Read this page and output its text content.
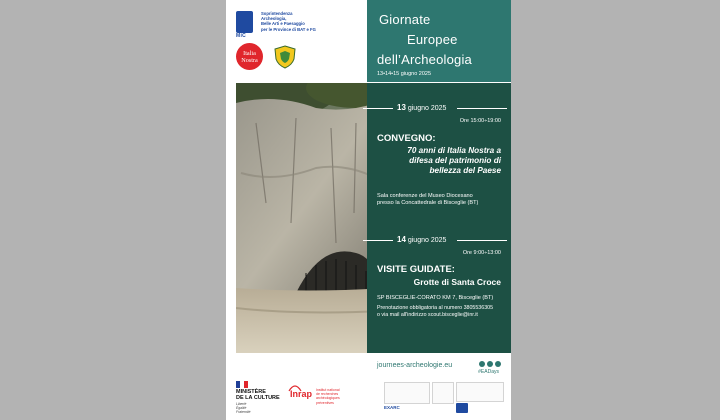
MiC
Soprintendenza
Archeologia,
Belle Arti e Paesaggio
per le Province di BAT e FG
Italia
Nostra
Giornate
Europee
dell’Archeologia
13•14•15 giugno 2025
13 giugno 2025
Ore 15:00÷19:00
CONVEGNO:
70 anni di Italia Nostra a
difesa del patrimonio di
bellezza del Paese
Sala conferenze del Museo Diocesano
presso la Concattedrale di Bisceglie (BT)
14 giugno 2025
Ore 9:00÷13:00
VISITE GUIDATE:
Grotte di Santa Croce
SP BISCEGLIE-CORATO KM 7, Bisceglie (BT)
Prenotazione obbligatoria al numero 3805536305
o via mail all'indirizzo scout.bisceglie@inr.it
journees-archeologie.eu
#EADays
MINISTÈRE
DE LA CULTURE
Liberté
Égalité
Fraternité
Inrap Institut national
de recherches
archéologiques
préventives
EXARC
